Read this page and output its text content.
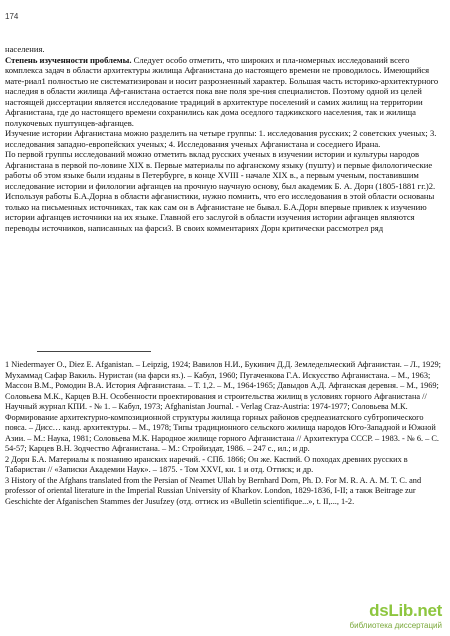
174

населения.

Степень изученности проблемы. Следует особо отметить, что широких и пла-номерных исследований всего комплекса задач в области архитектуры жилища Афганистана до настоящего времени не проводилось. Имеющийся мате-риал1 полностью не систематизирован и носит разрозненный характер. Большая часть историко-архитектурного наследия в области жилища Аф-ганистана остается пока вне поля зре-ния специалистов. Поэтому одной из целей настоящей диссертации является исследование традиций в архитектуре поселений и самих жилищ на территории Афганистана, где до настоящего времени сохранились как дома оседлого таджикского населения, так и жилища полукочевых пуштунцев-афганцев.

Изучение истории Афганистана можно разделить на четыре группы: 1. исследования русских; 2 советских ученых; 3. исследования западно-европейских ученых; 4. Исследования ученых Афганистана и соседнего Ирана.

По первой группы исследований можно отметить вклад русских ученых в изучении истории и культуры народов Афганистана в первой по-ловине XIX в. Первые материалы по афганскому языку (пушту) и первые филологические работы об этом языке были изданы в Петербурге, в конце XVIII - начале XIX в., а первым ученым, поставившим исследование истории и филологии афганцев на прочную научную основу, был академик Б. А. Дорн (1805-1881 гг.)2. Используя работы Б.А.Дорна в области афганистики, нужно помнить, что его исследования в этой области основаны только на письменных источниках, так как сам он в Афганистане не бывал. Б.А.Дорн впервые привлек к изучению истории афганцев источники на их языке. Главной его заслугой в области изучения истории афганцев являются переводы источников, написанных на фарси3. В своих комментариях Дорн критически рассмотрел ряд

1 Niedermayer O., Diez E. Afganistan. – Leipzig, 1924; Вавилов Н.И., Букинич Д.Д. Земледельческий Афганистан. – Л., 1929; Мухаммад Сафар Вакиль. Нуристан (на фарси яз.). – Кабул, 1960; Пугаченкова Г.А. Искусство Афганистана. – М., 1963; Массон В.М., Ромодин В.А. История Афганистана. – Т. 1,2. – М., 1964-1965; Давыдов А.Д. Афганская деревня. – М., 1969; Соловьева М.К., Карцев В.Н. Особенности проектирования и строительства жилищ в условиях горного Афганистана // Научный журнал КПИ. - № 1. – Кабул, 1973; Afghanistan Journal. - Verlag Craz-Austria: 1974-1977; Соловьева М.К. Формирование архитектурно-композиционной структуры жилища горных районов средneазиатского субтропического пояса. – Дисс… канд. архитектуры. – М., 1978; Типы традиционного сельского жилища народов Юго-Западной и Южной Азии. – М.: Наука, 1981; Соловьева М.К. Народное жилище горного Афганистана // Архитектура СССР. – 1983. - № 6. – С. 54-57; Карцев В.Н. Зодчество Афганистана. – М.: Стройиздат, 1986. – 247 с., ил.; и др.

2 Дорн Б.А. Материалы к познанию иранских наречий. - СПб. 1866; Он же. Каспий. О походах древних русских в Табаристан // «Записки Академии Наук». – 1875. - Том XXVI, кн. 1 и отд. Оттиск; и др.

3 History of the Afghans translated from the Persian of Neamet Ullah by Bernhard Dorn, Ph. D. For M. R. A. A. M. T. C. and professor of oriental literature in the Imperial Russian University of Kharkov. London, 1829-1836, I-II; а такж Beitrage zur Geschichte der Afganischen Stammes der Jusufzey (отд. оттиск из «Bulletin scientifique...», t. II,..., 1-2.

dsLib.net
библиотека диссертаций
